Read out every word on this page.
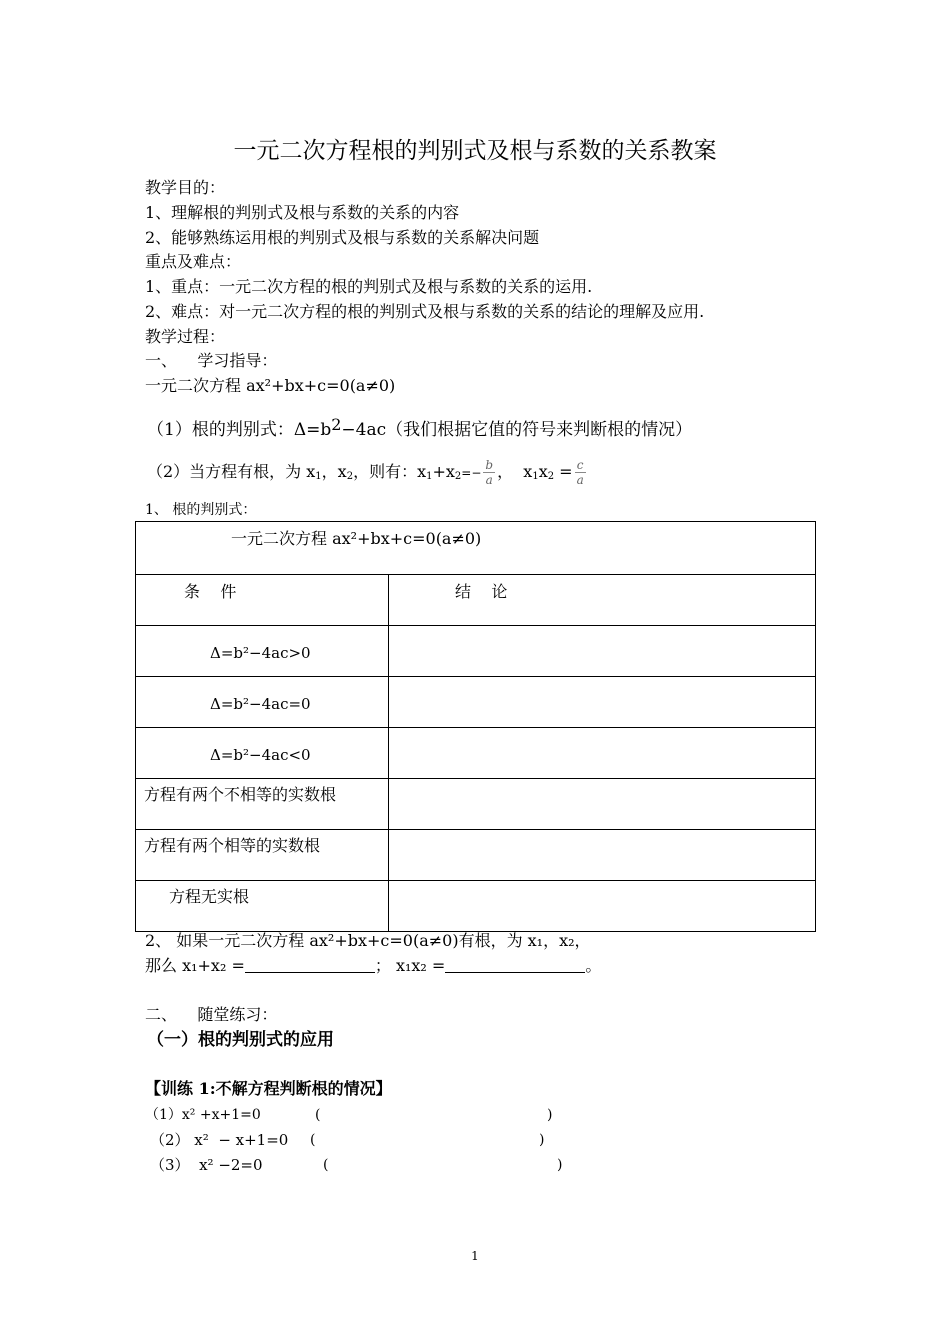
一元二次方程根的判别式及根与系数的关系教案
教学目的：
1、理解根的判别式及根与系数的关系的内容
2、能够熟练运用根的判别式及根与系数的关系解决问题
重点及难点：
1、重点：一元二次方程的根的判别式及根与系数的关系的运用.
2、难点：对一元二次方程的根的判别式及根与系数的关系的结论的理解及应用.
教学过程：
一、    学习指导：
一元二次方程 ax²+bx+c=0(a≠0)
（1）根的判别式：Δ=b2−4ac（我们根据它值的符号来判断根的情况）
（2）当方程有根，为 $x_1$，$x_2$，则有：$x_1+x_2=- \frac{b}{a}$ ，  $x_1x_2 = \frac{c}{a}$
1、 根的判别式：
一元二次方程 ax²+bx+c=0(a≠0)	

条    件	结    论

Δ=b²−4ac>0	

Δ=b²−4ac=0	

Δ=b²−4ac<0	

方程有两个不相等的实数根	

方程有两个相等的实数根	

方程无实根	

2、 如果一元二次方程 ax²+bx+c=0(a≠0)有根，为 x₁，x₂，
那么 x₁+x₂ =	； x₁x₂ =	。
二、    随堂练习：
（一）根的判别式的应用
【训练 1:不解方程判断根的情况】
（1）x² +x+1=0	(	)
（2） x²  − x+1=0 (	)
（3）  x² −2=0	(	)
1
